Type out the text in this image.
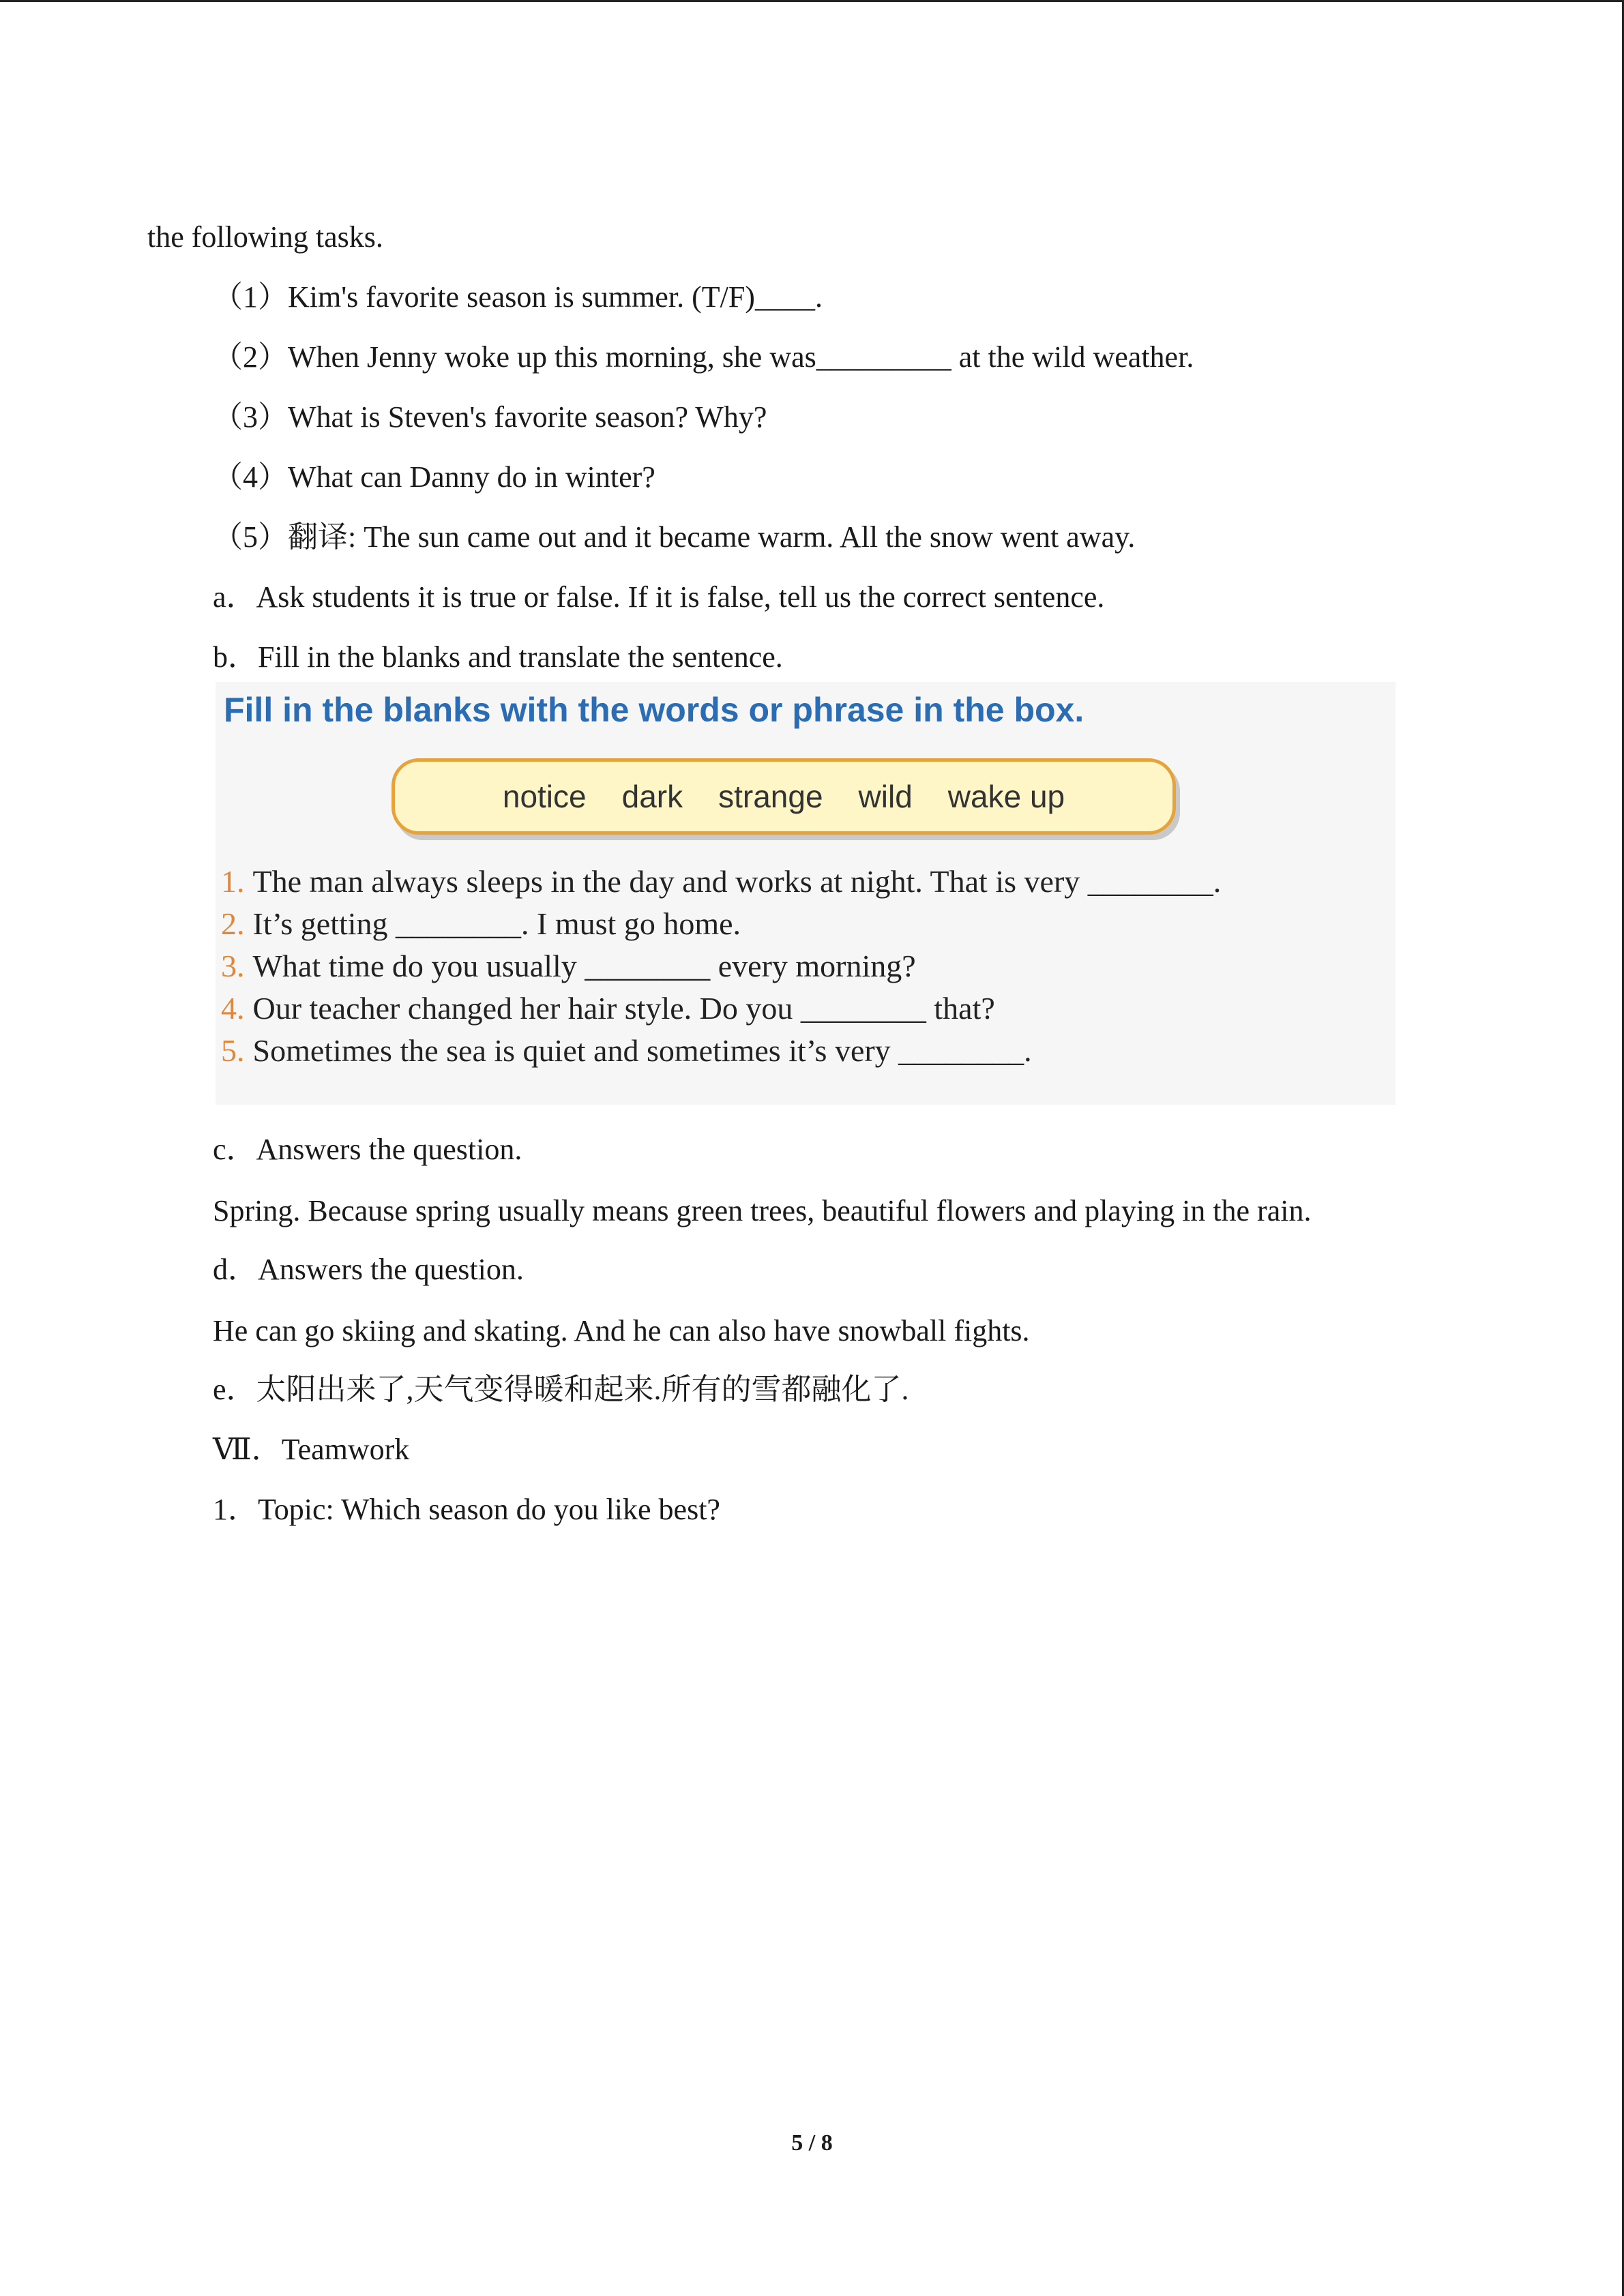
the following tasks.
（1）Kim's favorite season is summer. (T/F)____.
（2）When Jenny woke up this morning, she was_________ at the wild weather.
（3）What is Steven's favorite season? Why?
（4）What can Danny do in winter?
（5）翻译: The sun came out and it became warm. All the snow went away.
a．Ask students it is true or false. If it is false, tell us the correct sentence.
b．Fill in the blanks and translate the sentence.
Fill in the blanks with the words or phrase in the box.
notice dark strange wild wake up
1. The man always sleeps in the day and works at night. That is very ________.
2. It’s getting ________. I must go home.
3. What time do you usually ________ every morning?
4. Our teacher changed her hair style. Do you ________ that?
5. Sometimes the sea is quiet and sometimes it’s very ________.
c．Answers the question.
Spring. Because spring usually means green trees, beautiful flowers and playing in the rain.
d．Answers the question.
He can go skiing and skating. And he can also have snowball fights.
e．太阳出来了,天气变得暖和起来.所有的雪都融化了.
Ⅶ．Teamwork
1．Topic: Which season do you like best?
5 / 8
